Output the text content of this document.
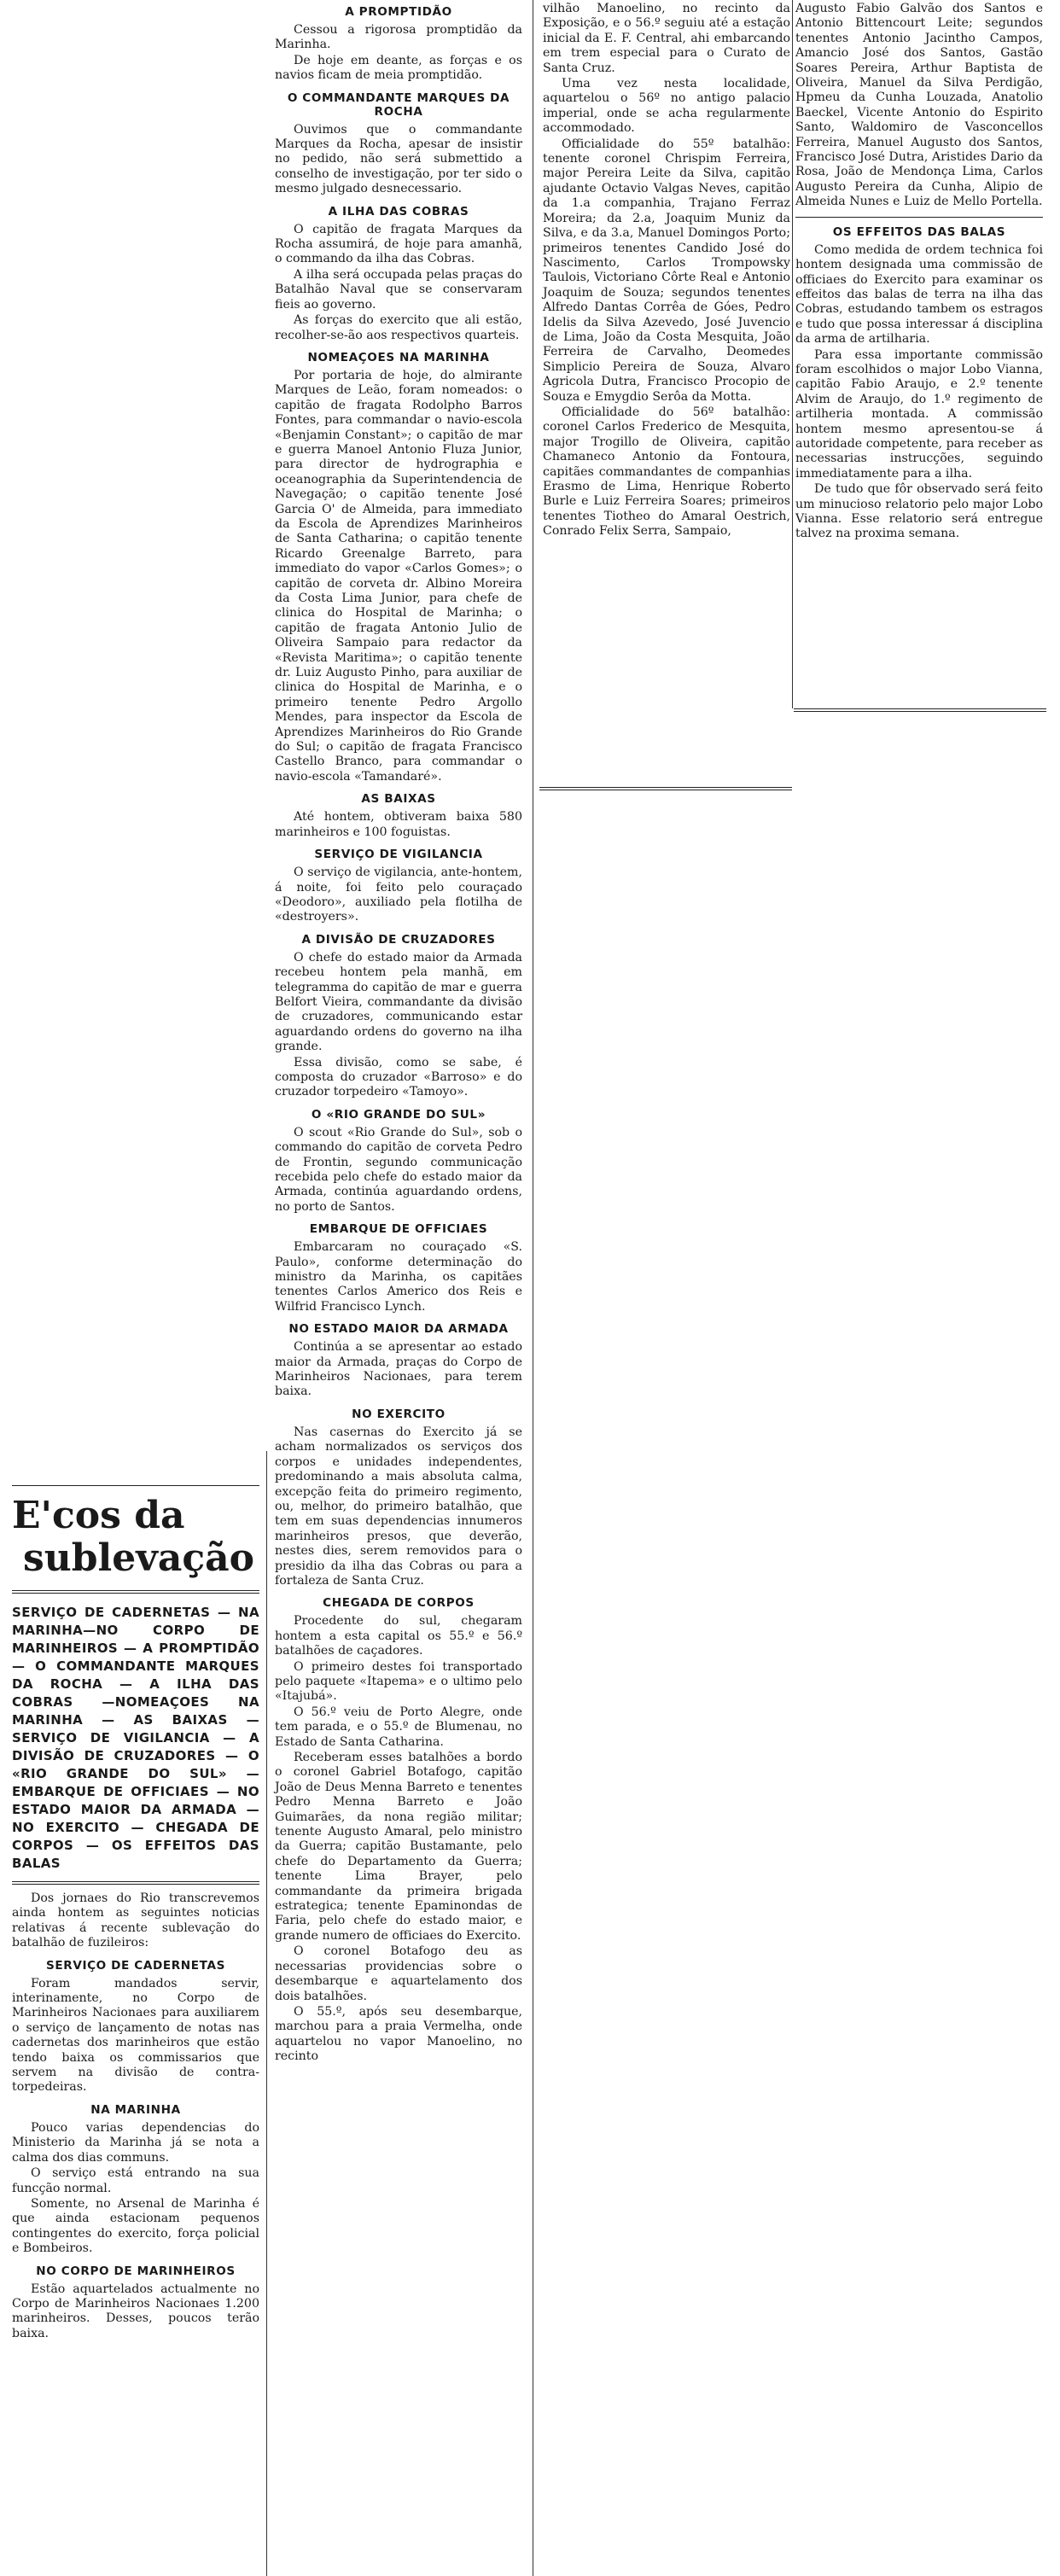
E'cos da
sublevação
SERVIÇO DE CADERNETAS — NA MARINHA—NO CORPO DE MARINHEIROS — A PROMPTIDÃO — O COMMANDANTE MARQUES DA ROCHA — A ILHA DAS COBRAS —NOMEAÇOES NA MARINHA — AS BAIXAS — SERVIÇO DE VIGILANCIA — A DIVISÃO DE CRUZADORES — O «RIO GRANDE DO SUL» — EMBARQUE DE OFFICIAES — NO ESTADO MAIOR DA ARMADA — NO EXERCITO — CHEGADA DE CORPOS — OS EFFEITOS DAS BALAS

Dos jornaes do Rio transcrevemos ainda hontem as seguintes noticias relativas á recente sublevação do batalhão de fuzileiros:

SERVIÇO DE CADERNETAS

Foram mandados servir, interinamente, no Corpo de Marinheiros Nacionaes para auxiliarem o serviço de lançamento de notas nas cadernetas dos marinheiros que estão tendo baixa os commissarios que servem na divisão de contra-torpedeiras.

NA MARINHA

Pouco varias dependencias do Ministerio da Marinha já se nota a calma dos dias communs.

O serviço está entrando na sua funcção normal.

Somente, no Arsenal de Marinha é que ainda estacionam pequenos contingentes do exercito, força policial e Bombeiros.

NO CORPO DE MARINHEIROS

Estão aquartelados actualmente no Corpo de Marinheiros Nacionaes 1.200 marinheiros. Desses, poucos terão baixa.

A PROMPTIDÃO

Cessou a rigorosa promptidão da Marinha.

De hoje em deante, as forças e os navios ficam de meia promptidão.

O COMMANDANTE MARQUES DA ROCHA

Ouvimos que o commandante Marques da Rocha, apesar de insistir no pedido, não será submettido a conselho de investigação, por ter sido o mesmo julgado desnecessario.

A ILHA DAS COBRAS

O capitão de fragata Marques da Rocha assumirá, de hoje para amanhã, o commando da ilha das Cobras.

A ilha será occupada pelas praças do Batalhão Naval que se conservaram fieis ao governo.

As forças do exercito que ali estão, recolher-se-ão aos respectivos quarteis.

NOMEAÇOES NA MARINHA

Por portaria de hoje, do almirante Marques de Leão, foram nomeados: o capitão de fragata Rodolpho Barros Fontes, para commandar o navio-escola «Benjamin Constant»; o capitão de mar e guerra Manoel Antonio Fluza Junior, para director de hydrographia e oceanographia da Superintendencia de Navegação; o capitão tenente José Garcia O' de Almeida, para immediato da Escola de Aprendizes Marinheiros de Santa Catharina; o capitão tenente Ricardo Greenalge Barreto, para immediato do vapor «Carlos Gomes»; o capitão de corveta dr. Albino Moreira da Costa Lima Junior, para chefe de clinica do Hospital de Marinha; o capitão de fragata Antonio Julio de Oliveira Sampaio para redactor da «Revista Maritima»; o capitão tenente dr. Luiz Augusto Pinho, para auxiliar de clinica do Hospital de Marinha, e o primeiro tenente Pedro Argollo Mendes, para inspector da Escola de Aprendizes Marinheiros do Rio Grande do Sul; o capitão de fragata Francisco Castello Branco, para commandar o navio-escola «Tamandaré».

AS BAIXAS

Até hontem, obtiveram baixa 580 marinheiros e 100 foguistas.

SERVIÇO DE VIGILANCIA

O serviço de vigilancia, ante-hontem, á noite, foi feito pelo couraçado «Deodoro», auxiliado pela flotilha de «destroyers».

A DIVISÃO DE CRUZADORES

O chefe do estado maior da Armada recebeu hontem pela manhã, em telegramma do capitão de mar e guerra Belfort Vieira, commandante da divisão de cruzadores, communicando estar aguardando ordens do governo na ilha grande.

Essa divisão, como se sabe, é composta do cruzador «Barroso» e do cruzador torpedeiro «Tamoyo».

O «RIO GRANDE DO SUL»

O scout «Rio Grande do Sul», sob o commando do capitão de corveta Pedro de Frontin, segundo communicação recebida pelo chefe do estado maior da Armada, continúa aguardando ordens, no porto de Santos.

EMBARQUE DE OFFICIAES

Embarcaram no couraçado «S. Paulo», conforme determinação do ministro da Marinha, os capitães tenentes Carlos Americo dos Reis e Wilfrid Francisco Lynch.

NO ESTADO MAIOR DA ARMADA

Continúa a se apresentar ao estado maior da Armada, praças do Corpo de Marinheiros Nacionaes, para terem baixa.

NO EXERCITO

Nas casernas do Exercito já se acham normalizados os serviços dos corpos e unidades independentes, predominando a mais absoluta calma, excepção feita do primeiro regimento, ou, melhor, do primeiro batalhão, que tem em suas dependencias innumeros marinheiros presos, que deverão, nestes dies, serem removidos para o presidio da ilha das Cobras ou para a fortaleza de Santa Cruz.

CHEGADA DE CORPOS

Procedente do sul, chegaram hontem a esta capital os 55.º e 56.º batalhões de caçadores.

O primeiro destes foi transportado pelo paquete «Itapema» e o ultimo pelo «Itajubá».

O 56.º veiu de Porto Alegre, onde tem parada, e o 55.º de Blumenau, no Estado de Santa Catharina.

Receberam esses batalhões a bordo o coronel Gabriel Botafogo, capitão João de Deus Menna Barreto e tenentes Pedro Menna Barreto e João Guimarães, da nona região militar; tenente Augusto Amaral, pelo ministro da Guerra; capitão Bustamante, pelo chefe do Departamento da Guerra; tenente Lima Brayer, pelo commandante da primeira brigada estrategica; tenente Epaminondas de Faria, pelo chefe do estado maior, e grande numero de officiaes do Exercito.

O coronel Botafogo deu as necessarias providencias sobre o desembarque e aquartelamento dos dois batalhões.

O 55.º, após seu desembarque, marchou para a praia Vermelha, onde aquartelou no vapor Manoelino, no recinto

vilhão Manoelino, no recinto da Exposição, e o 56.º seguiu até a estação inicial da E. F. Central, ahi embarcando em trem especial para o Curato de Santa Cruz.

Uma vez nesta localidade, aquartelou o 56º no antigo palacio imperial, onde se acha regularmente accommodado.

Officialidade do 55º batalhão: tenente coronel Chrispim Ferreira, major Pereira Leite da Silva, capitão ajudante Octavio Valgas Neves, capitão da 1.a companhia, Trajano Ferraz Moreira; da 2.a, Joaquim Muniz da Silva, e da 3.a, Manuel Domingos Porto; primeiros tenentes Candido José do Nascimento, Carlos Trompowsky Taulois, Victoriano Côrte Real e Antonio Joaquim de Souza; segundos tenentes Alfredo Dantas Corrêa de Góes, Pedro Idelis da Silva Azevedo, José Juvencio de Lima, João da Costa Mesquita, João Ferreira de Carvalho, Deomedes Simplicio Pereira de Souza, Alvaro Agricola Dutra, Francisco Procopio de Souza e Emygdio Serôa da Motta.

Officialidade do 56º batalhão: coronel Carlos Frederico de Mesquita, major Trogillo de Oliveira, capitão Chamaneco Antonio da Fontoura, capitães commandantes de companhias Erasmo de Lima, Henrique Roberto Burle e Luiz Ferreira Soares; primeiros tenentes Tiotheo do Amaral Oestrich, Conrado Felix Serra, Sampaio,

Augusto Fabio Galvão dos Santos e Antonio Bittencourt Leite; segundos tenentes Antonio Jacintho Campos, Amancio José dos Santos, Gastão Soares Pereira, Arthur Baptista de Oliveira, Manuel da Silva Perdigão, Hpmeu da Cunha Louzada, Anatolio Baeckel, Vicente Antonio do Espirito Santo, Waldomiro de Vasconcellos Ferreira, Manuel Augusto dos Santos, Francisco José Dutra, Aristides Dario da Rosa, João de Mendonça Lima, Carlos Augusto Pereira da Cunha, Alipio de Almeida Nunes e Luiz de Mello Portella.

OS EFFEITOS DAS BALAS

Como medida de ordem technica foi hontem designada uma commissão de officiaes do Exercito para examinar os effeitos das balas de terra na ilha das Cobras, estudando tambem os estragos e tudo que possa interessar á disciplina da arma de artilharia.

Para essa importante commissão foram escolhidos o major Lobo Vianna, capitão Fabio Araujo, e 2.º tenente Alvim de Araujo, do 1.º regimento de artilheria montada. A commissão hontem mesmo apresentou-se á autoridade competente, para receber as necessarias instrucções, seguindo immediatamente para a ilha.

De tudo que fôr observado será feito um minucioso relatorio pelo major Lobo Vianna. Esse relatorio será entregue talvez na proxima semana.
